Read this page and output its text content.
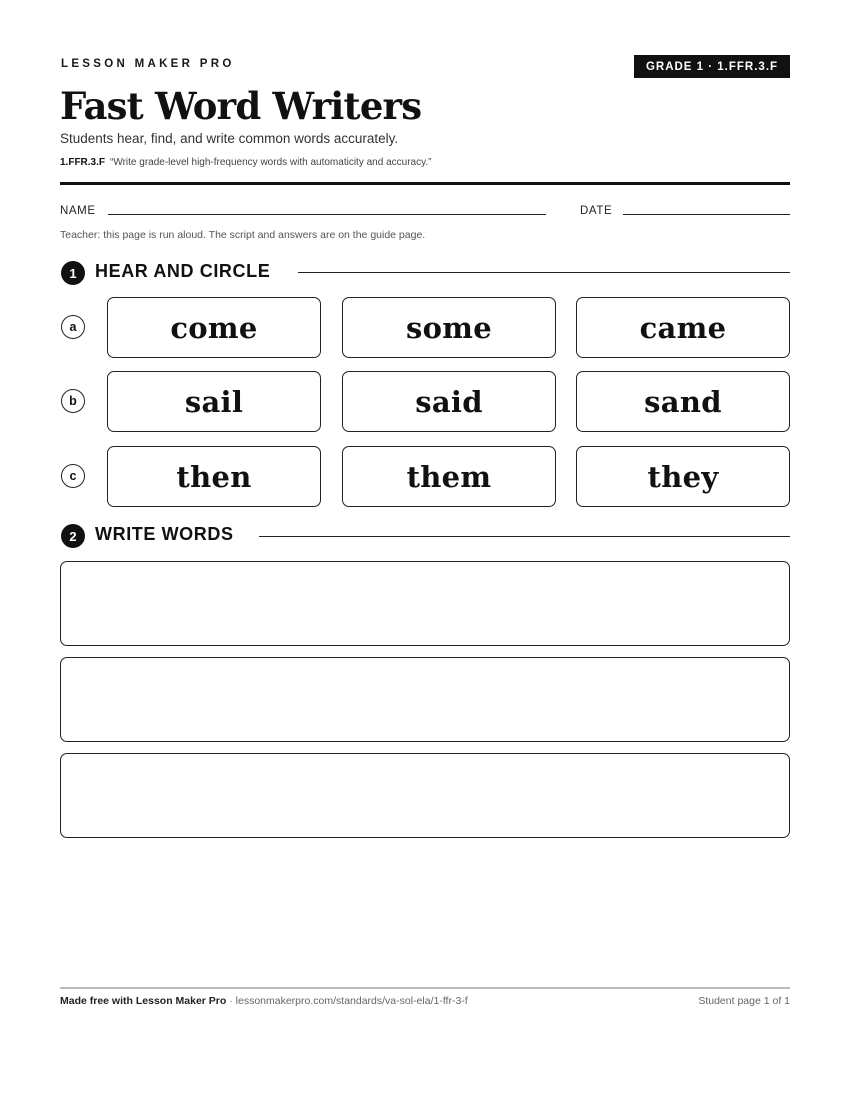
LESSON MAKER PRO	GRADE 1 · 1.FFR.3.F
Fast Word Writers
Students hear, find, and write common words accurately.
1.FFR.3.F “Write grade-level high-frequency words with automaticity and accuracy.”
NAME	DATE
Teacher: this page is run aloud. The script and answers are on the guide page.
1	HEAR AND CIRCLE
a	come	some	came
b	sail	said	sand
c	then	them	they
2	WRITE WORDS
Made free with Lesson Maker Pro · lessonmakerpro.com/standards/va-sol-ela/1-ffr-3-f	Student page 1 of 1
